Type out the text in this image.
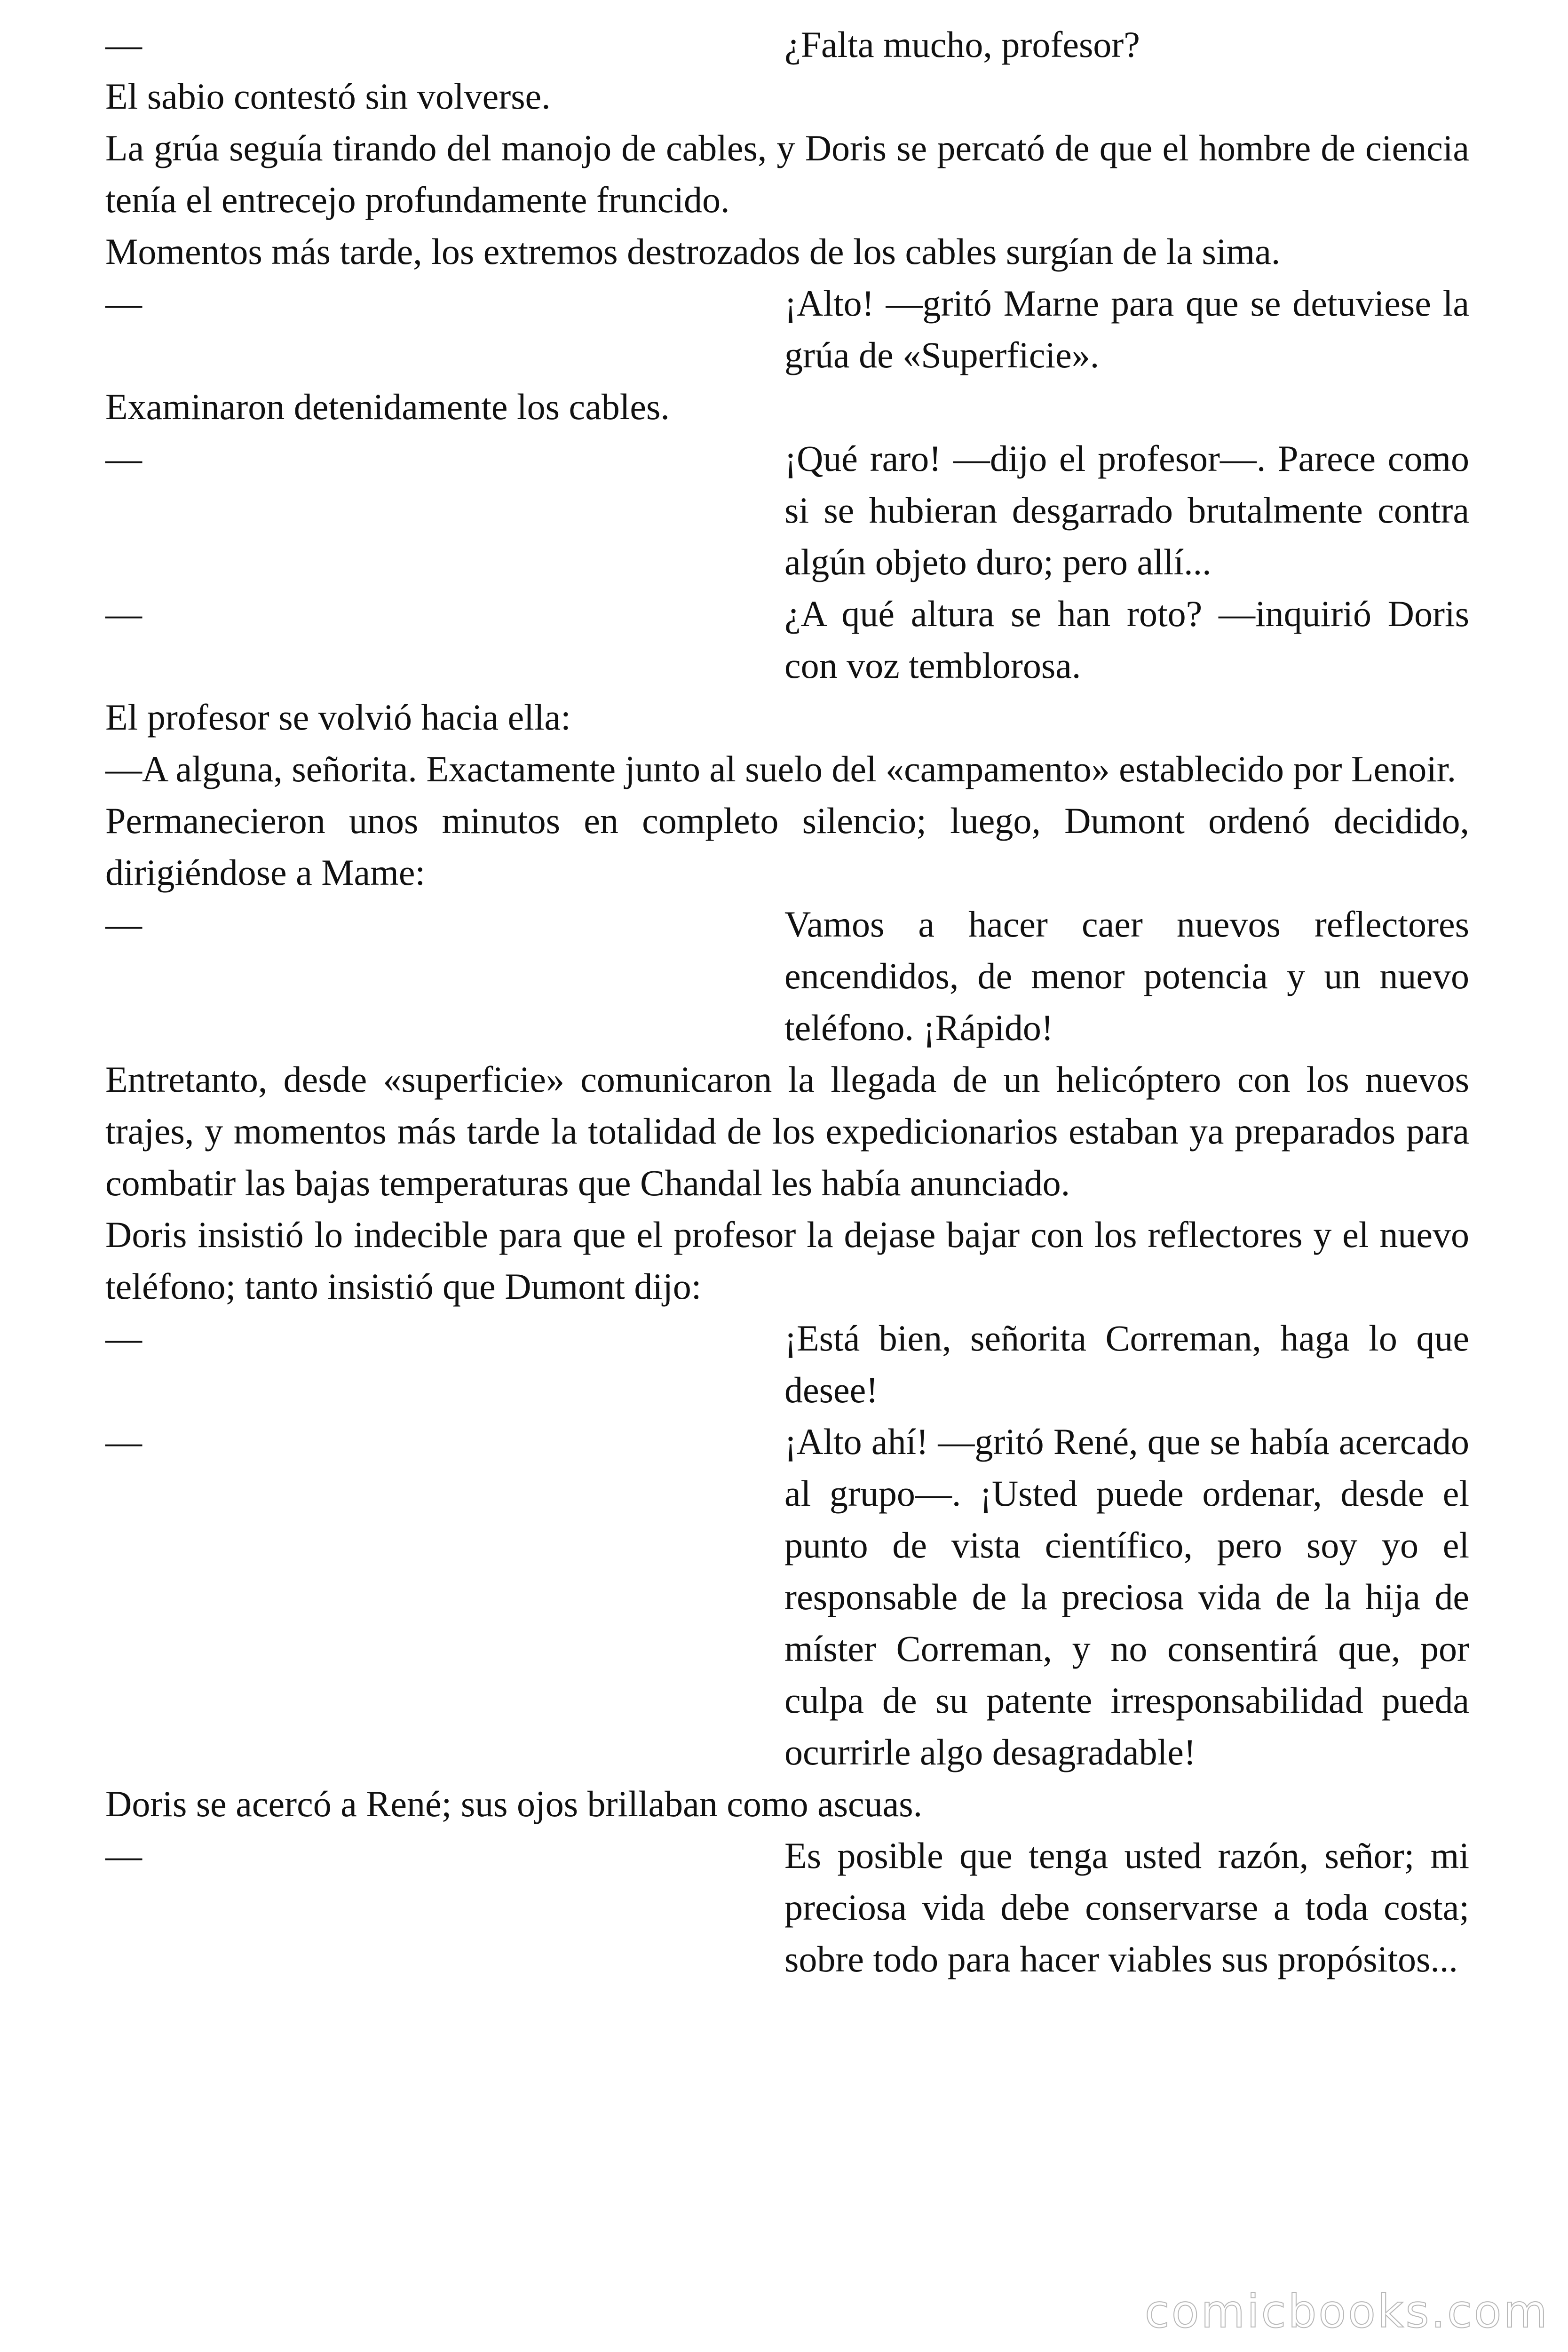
—	¿Falta mucho, profesor?

El sabio contestó sin volverse.

La grúa seguía tirando del manojo de cables, y Doris se percató de que el hombre de ciencia tenía el entrecejo profundamente fruncido.

Momentos más tarde, los extremos destrozados de los cables surgían de la sima.

—	¡Alto! —gritó Marne para que se detuviese la grúa de «Superficie».

Examinaron detenidamente los cables.

—	¡Qué raro! —dijo el profesor—. Parece como si se hubieran desgarrado brutalmente contra algún objeto duro; pero allí...
—	¿A qué altura se han roto? —inquirió Doris con voz temblorosa.

El profesor se volvió hacia ella:

—A alguna, señorita. Exactamente junto al suelo del «campamento» establecido por Lenoir.

Permanecieron unos minutos en completo silencio; luego, Dumont ordenó decidido, dirigiéndose a Mame:

—	Vamos a hacer caer nuevos reflectores encendidos, de menor potencia y un nuevo teléfono. ¡Rápido!

Entretanto, desde «superficie» comunicaron la llegada de un helicóptero con los nuevos trajes, y momentos más tarde la totalidad de los expedicionarios estaban ya preparados para combatir las bajas temperaturas que Chandal les había anunciado.

Doris insistió lo indecible para que el profesor la dejase bajar con los reflectores y el nuevo teléfono; tanto insistió que Dumont dijo:

—	¡Está bien, señorita Correman, haga lo que desee!
—	¡Alto ahí! —gritó René, que se había acercado al grupo—. ¡Usted puede ordenar, desde el punto de vista científico, pero soy yo el responsable de la preciosa vida de la hija de míster Correman, y no consentirá que, por culpa de su patente irresponsabilidad pueda ocurrirle algo desagradable!

Doris se acercó a René; sus ojos brillaban como ascuas.

—	Es posible que tenga usted razón, señor; mi preciosa vida debe conservarse a toda costa; sobre todo para hacer viables sus propósitos...
comicbooks.com
